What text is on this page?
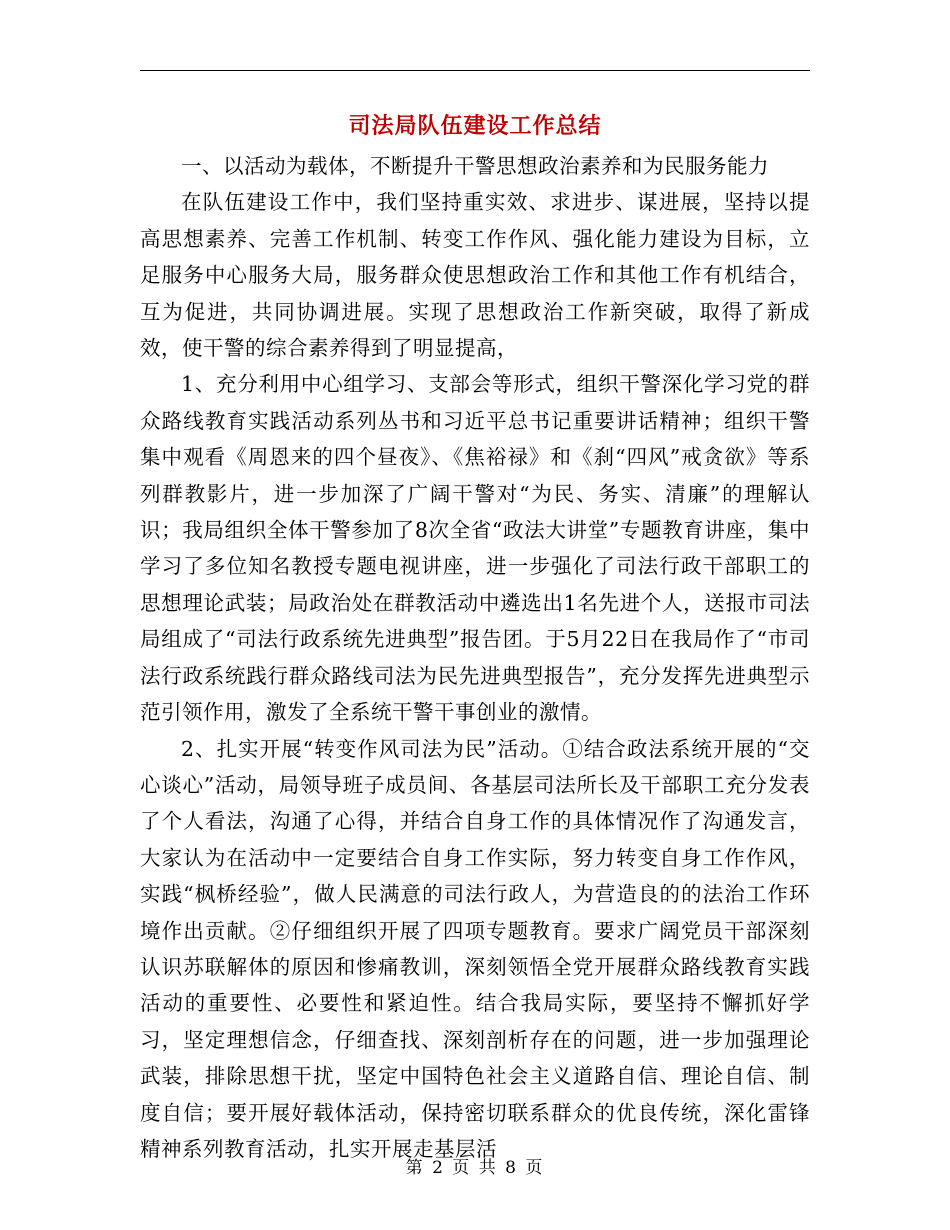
司法局队伍建设工作总结

一、以活动为载体，不断提升干警思想政治素养和为民服务能力

在队伍建设工作中，我们坚持重实效、求进步、谋进展，坚持以提高思想素养、完善工作机制、转变工作作风、强化能力建设为目标，立足服务中心服务大局，服务群众使思想政治工作和其他工作有机结合，互为促进，共同协调进展。实现了思想政治工作新突破，取得了新成效，使干警的综合素养得到了明显提高，

1、充分利用中心组学习、支部会等形式，组织干警深化学习党的群众路线教育实践活动系列丛书和习近平总书记重要讲话精神；组织干警集中观看《周恩来的四个昼夜》、《焦裕禄》和《刹“四风”戒贪欲》等系列群教影片，进一步加深了广阔干警对“为民、务实、清廉”的理解认识；我局组织全体干警参加了8次全省“政法大讲堂”专题教育讲座，集中学习了多位知名教授专题电视讲座，进一步强化了司法行政干部职工的思想理论武装；局政治处在群教活动中遴选出1名先进个人，送报市司法局组成了“司法行政系统先进典型”报告团。于5月22日在我局作了“市司法行政系统践行群众路线司法为民先进典型报告”，充分发挥先进典型示范引领作用，激发了全系统干警干事创业的激情。

2、扎实开展“转变作风司法为民”活动。①结合政法系统开展的“交心谈心”活动，局领导班子成员间、各基层司法所长及干部职工充分发表了个人看法，沟通了心得，并结合自身工作的具体情况作了沟通发言，大家认为在活动中一定要结合自身工作实际，努力转变自身工作作风，实践“枫桥经验”，做人民满意的司法行政人，为营造良的的法治工作环境作出贡献。②仔细组织开展了四项专题教育。要求广阔党员干部深刻认识苏联解体的原因和惨痛教训，深刻领悟全党开展群众路线教育实践活动的重要性、必要性和紧迫性。结合我局实际，要坚持不懈抓好学习，坚定理想信念，仔细查找、深刻剖析存在的问题，进一步加强理论武装，排除思想干扰，坚定中国特色社会主义道路自信、理论自信、制度自信；要开展好载体活动，保持密切联系群众的优良传统，深化雷锋精神系列教育活动，扎实开展走基层活

第 2 页 共 8 页
